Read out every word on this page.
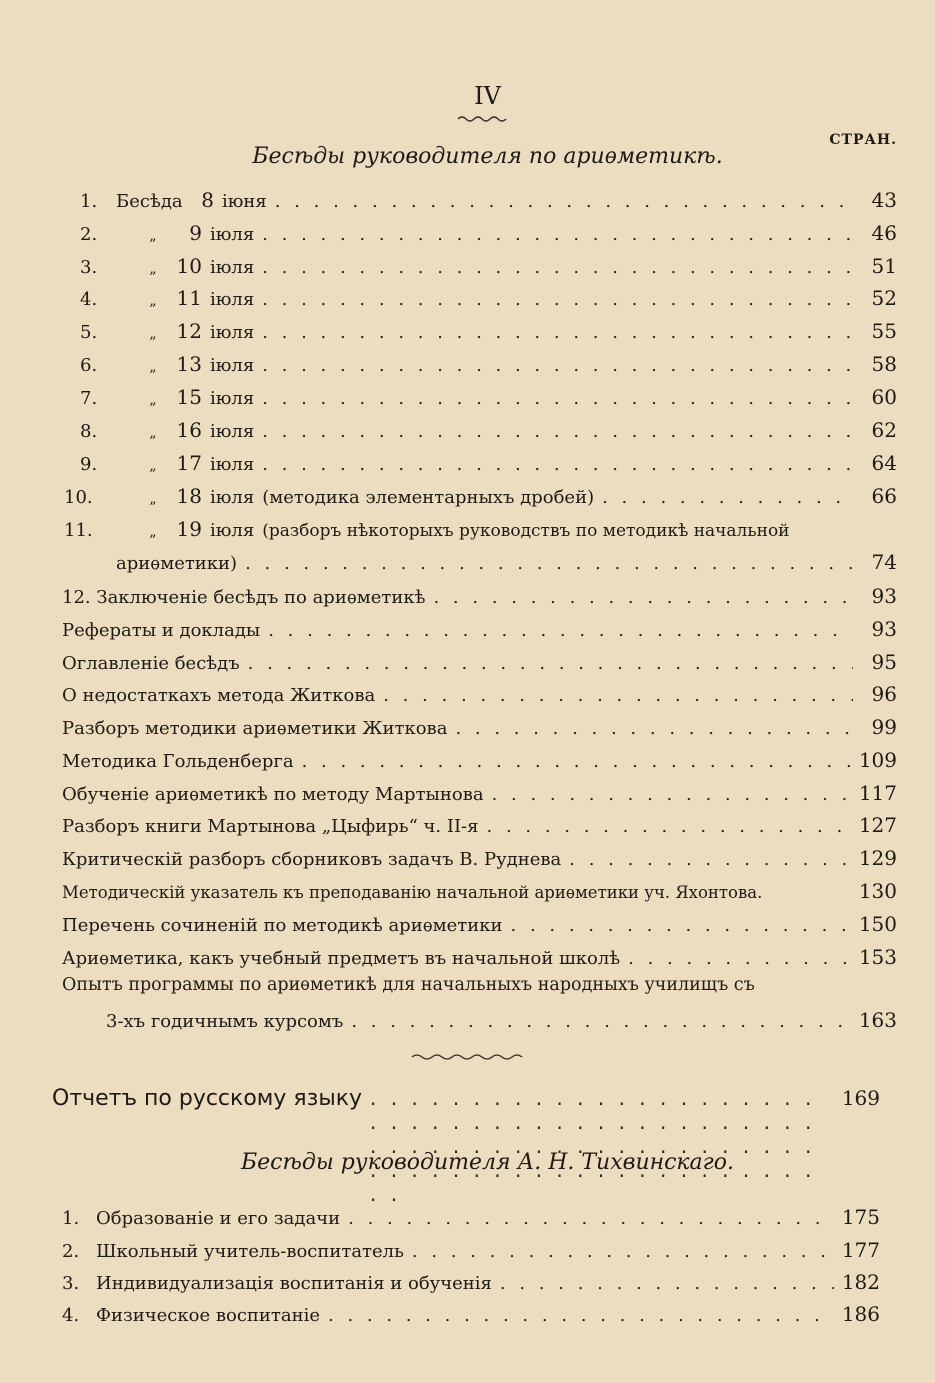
IV
СТРАН.
Бесѣды руководителя по ариѳметикѣ.
1.	Бесѣда 8 іюня . . .	43
2.	„	9 іюля . . .	46
3.	„ 10 іюля . . .	51
4.	„ 11 іюля . . .	52
5.	„ 12 іюля . . .	55
6.	„ 13 іюля . . .	58
7.	„ 15 іюля . . .	60
8.	„ 16 іюля . . .	62
9.	„ 17 іюля . . .	64
10.	„ 18 іюля (методика элементарныхъ дробей) . . .	66
11.	„ 19 іюля (разборъ нѣкоторыхъ руководствъ по методикѣ начальной
ариѳметики) . . .	74
12. Заключеніе бесѣдъ по ариѳметикѣ . . .	93
Рефераты и доклады . . .	93
Оглавленіе бесѣдъ . . .	95
О недостаткахъ метода Житкова . . .	96
Разборъ методики ариѳметики Житкова . . .	99
Методика Гольденберга . . .	109
Обученіе ариѳметикѣ по методу Мартынова . . .	117
Разборъ книги Мартынова „Цыфирь“ ч. II-я . . .	127
Критическій разборъ сборниковъ задачъ В. Руднева . . .	129
Методическій указатель къ преподаванію начальной ариѳметики уч. Яхонтова.	130
Перечень сочиненій по методикѣ ариѳметики . . .	150
Ариѳметика, какъ учебный предметъ въ начальной школѣ . . .	153
Опытъ программы по ариѳметикѣ для начальныхъ народныхъ училищъ съ
3-хъ годичнымъ курсомъ . . .	163
Отчетъ по русскому языку . . .	169
Бесѣды руководителя А. Н. Тихвинскаго.
1. Образованіе и его задачи . . .	175
2. Школьный учитель-воспитатель . . .	177
3. Индивидуализація воспитанія и обученія . . .	182
4. Физическое воспитаніе . . .	186
